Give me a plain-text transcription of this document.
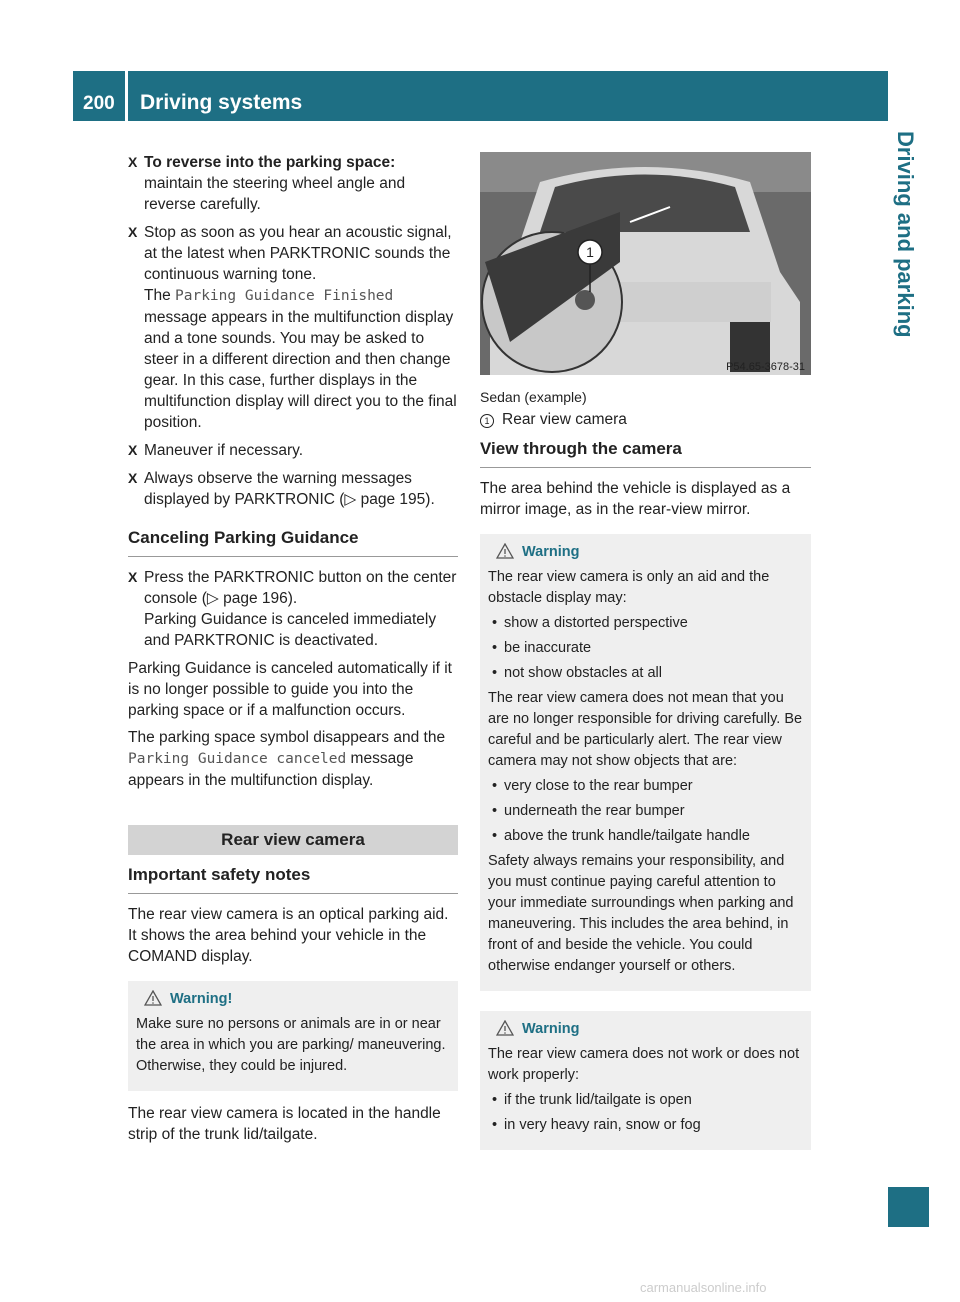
200 Driving systems
Driving and parking
X To reverse into the parking space:
maintain the steering wheel angle and reverse carefully.
X Stop as soon as you hear an acoustic signal, at the latest when PARKTRONIC sounds the continuous warning tone.
The Parking Guidance Finished message appears in the multifunction display and a tone sounds. You may be asked to steer in a different direction and then change gear. In this case, further displays in the multifunction display will direct you to the final position.
X Maneuver if necessary.
X Always observe the warning messages displayed by PARKTRONIC (▷ page 195).
Canceling Parking Guidance
X Press the PARKTRONIC button on the center console (▷ page 196).
Parking Guidance is canceled immediately and PARKTRONIC is deactivated.

Parking Guidance is canceled automatically if it is no longer possible to guide you into the parking space or if a malfunction occurs.

The parking space symbol disappears and the Parking Guidance canceled message appears in the multifunction display.

Rear view camera
Important safety notes

The rear view camera is an optical parking aid. It shows the area behind your vehicle in the COMAND display.

Warning!
Make sure no persons or animals are in or near the area in which you are parking/ maneuvering. Otherwise, they could be injured.

The rear view camera is located in the handle strip of the trunk lid/tailgate.

1
P54.65-3678-31
Sedan (example)
1 Rear view camera
View through the camera

The area behind the vehicle is displayed as a mirror image, as in the rear-view mirror.

Warning
The rear view camera is only an aid and the obstacle display may:
• show a distorted perspective
• be inaccurate
• not show obstacles at all
The rear view camera does not mean that you are no longer responsible for driving carefully. Be careful and be particularly alert. The rear view camera may not show objects that are:
• very close to the rear bumper
• underneath the rear bumper
• above the trunk handle/tailgate handle
Safety always remains your responsibility, and you must continue paying careful attention to your immediate surroundings when parking and maneuvering. This includes the area behind, in front of and beside the vehicle. You could otherwise endanger yourself or others.
Warning
The rear view camera does not work or does not work properly:
• if the trunk lid/tailgate is open
• in very heavy rain, snow or fog
carmanualsonline.info
